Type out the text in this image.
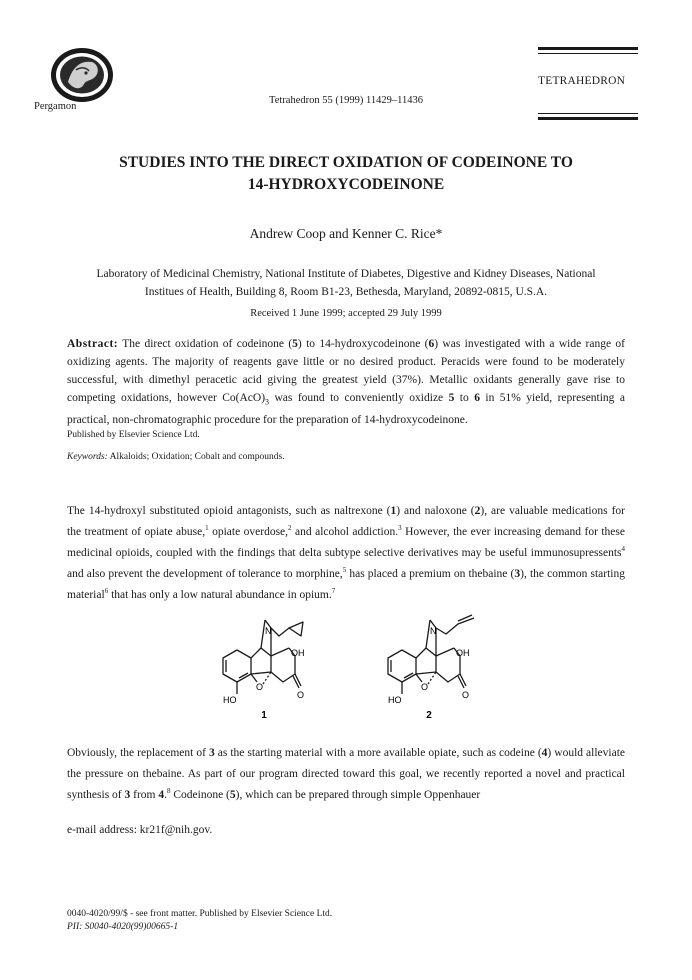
Pergamon
Tetrahedron 55 (1999) 11429–11436
TETRAHEDRON
STUDIES INTO THE DIRECT OXIDATION OF CODEINONE TO
14-HYDROXYCODEINONE
Andrew Coop and Kenner C. Rice*
Laboratory of Medicinal Chemistry, National Institute of Diabetes, Digestive and Kidney Diseases, National
Institues of Health, Building 8, Room B1-23, Bethesda, Maryland, 20892-0815, U.S.A.
Received 1 June 1999; accepted 29 July 1999
Abstract: The direct oxidation of codeinone (5) to 14-hydroxycodeinone (6) was investigated with a wide range of oxidizing agents. The majority of reagents gave little or no desired product. Peracids were found to be moderately successful, with dimethyl peracetic acid giving the greatest yield (37%). Metallic oxidants generally gave rise to competing oxidations, however $Co(AcO)_3$ was found to conveniently oxidize 5 to 6 in 51% yield, representing a practical, non-chromatographic procedure for the preparation of 14-hydroxycodeinone.
Published by Elsevier Science Ltd.
Keywords: Alkaloids; Oxidation; Cobalt and compounds.
The 14-hydroxyl substituted opioid antagonists, such as naltrexone (1) and naloxone (2), are valuable medications for the treatment of opiate abuse,$^1$ opiate overdose,$^2$ and alcohol addiction.$^3$ However, the ever increasing demand for these medicinal opioids, coupled with the findings that delta subtype selective derivatives may be useful immunosupressents$^4$ and also prevent the development of tolerance to morphine,$^5$ has placed a premium on thebaine (3), the common starting material$^6$ that has only a low natural abundance in opium.$^7$
N
OH
O
O
HO
1
N
OH
O
O
HO
2
Obviously, the replacement of 3 as the starting material with a more available opiate, such as codeine (4) would alleviate the pressure on thebaine. As part of our program directed toward this goal, we recently reported a novel and practical synthesis of 3 from 4.$^8$ Codeinone (5), which can be prepared through simple Oppenhauer
e-mail address: kr21f@nih.gov.
0040-4020/99/$ - see front matter. Published by Elsevier Science Ltd.
PII: S0040-4020(99)00665-1
